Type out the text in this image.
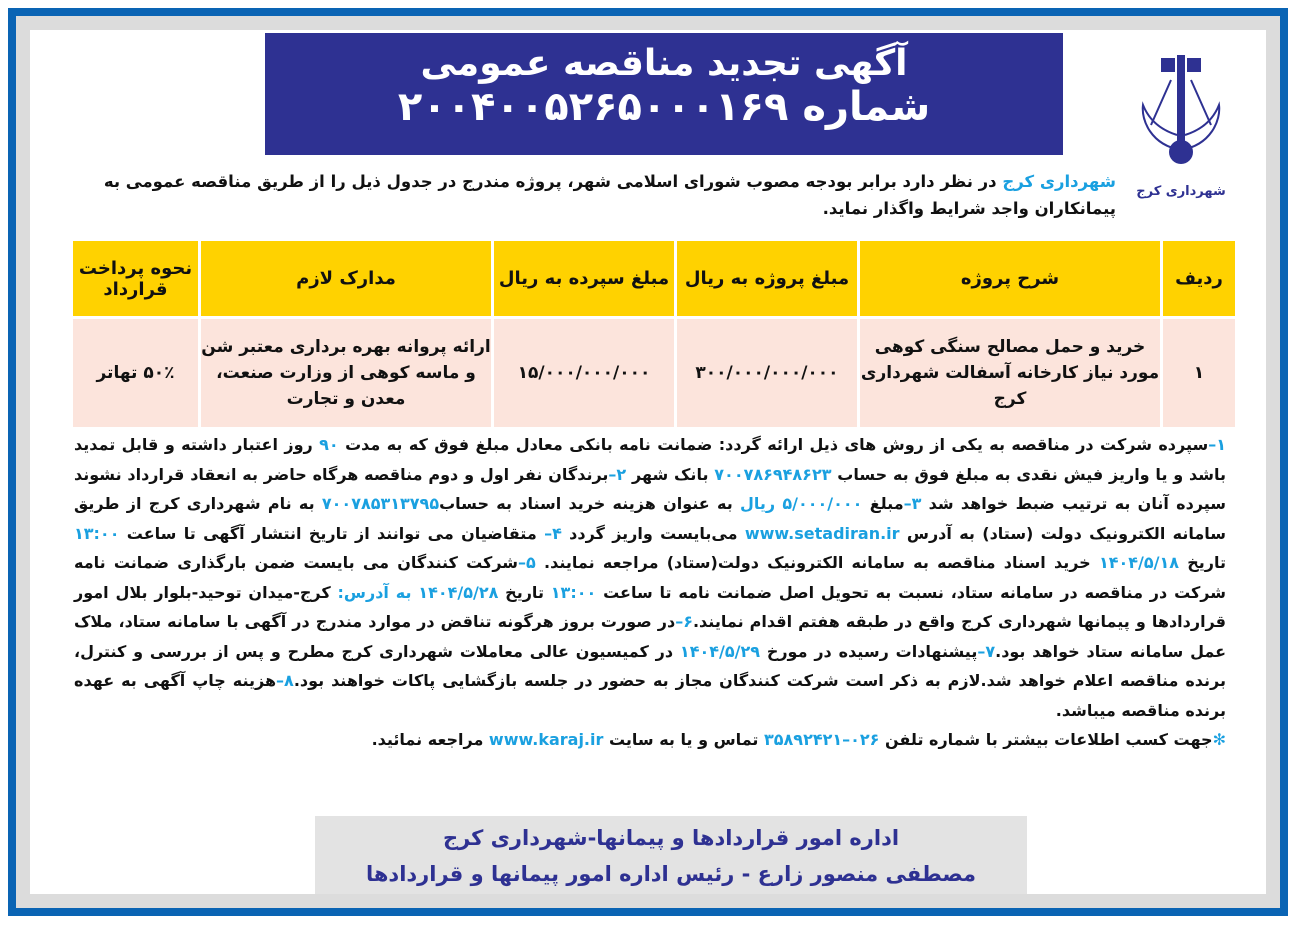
آگهی تجدید مناقصه عمومی
شماره ۲۰۰۴۰۰۵۲۶۵۰۰۰۱۶۹
شهرداری کرج
شهرداری کرج در نظر دارد برابر بودجه مصوب شورای اسلامی شهر، پروژه مندرج در جدول ذیل را از طریق مناقصه عمومی به پیمانکاران واجد شرایط واگذار نماید.
ردیف	شرح پروژه	مبلغ پروژه به ریال	مبلغ سپرده به ریال	مدارک لازم	نحوه پرداخت قرارداد
۱	خرید و حمل مصالح سنگی کوهی مورد نیاز کارخانه آسفالت شهرداری کرج	۳۰۰/۰۰۰/۰۰۰/۰۰۰	۱۵/۰۰۰/۰۰۰/۰۰۰	ارائه پروانه بهره برداری معتبر شن و ماسه کوهی از وزارت صنعت، معدن و تجارت	۵۰٪ تهاتر
۱–سپرده شرکت در مناقصه به یکی از روش های ذیل ارائه گردد: ضمانت نامه بانکی معادل مبلغ فوق که به مدت ۹۰ روز اعتبار داشته و قابل تمدید باشد و یا واریز فیش نقدی به مبلغ فوق به حساب ۷۰۰۷۸۶۹۴۸۶۲۳ بانک شهر ۲–برندگان نفر اول و دوم مناقصه هرگاه حاضر به انعقاد قرارداد نشوند سپرده آنان به ترتیب ضبط خواهد شد ۳–مبلغ ۵/۰۰۰/۰۰۰ ریال به عنوان هزینه خرید اسناد به حساب۷۰۰۷۸۵۳۱۳۷۹۵ به نام شهرداری کرج از طریق سامانه الکترونیک دولت (ستاد) به آدرس www.setadiran.ir می‌بایست واریز گردد ۴– متقاضیان می توانند از تاریخ انتشار آگهی تا ساعت ۱۳:۰۰ تاریخ ۱۴۰۴/۵/۱۸ خرید اسناد مناقصه به سامانه الکترونیک دولت(ستاد) مراجعه نمایند. ۵–شرکت کنندگان می بایست ضمن بارگذاری ضمانت نامه شرکت در مناقصه در سامانه ستاد، نسبت به تحویل اصل ضمانت نامه تا ساعت ۱۳:۰۰ تاریخ ۱۴۰۴/۵/۲۸ به آدرس: کرج-میدان توحید-بلوار بلال امور قراردادها و پیمانها شهرداری کرج واقع در طبقه هفتم اقدام نمایند.۶–در صورت بروز هرگونه تناقض در موارد مندرج در آگهی با سامانه ستاد، ملاک عمل سامانه ستاد خواهد بود.۷–پیشنهادات رسیده در مورخ ۱۴۰۴/۵/۲۹ در کمیسیون عالی معاملات شهرداری کرج مطرح و پس از بررسی و کنترل، برنده مناقصه اعلام خواهد شد.لازم به ذکر است شرکت کنندگان مجاز به حضور در جلسه بازگشایی پاکات خواهند بود.۸–هزینه چاپ آگهی به عهده برنده مناقصه میباشد.
✻جهت کسب اطلاعات بیشتر با شماره تلفن ۰۲۶–۳۵۸۹۲۴۲۱ تماس و یا به سایت www.karaj.ir مراجعه نمائید.
اداره امور قراردادها و پیمانها-شهرداری کرج
مصطفی منصور زارع - رئیس اداره امور پیمانها و قراردادها
